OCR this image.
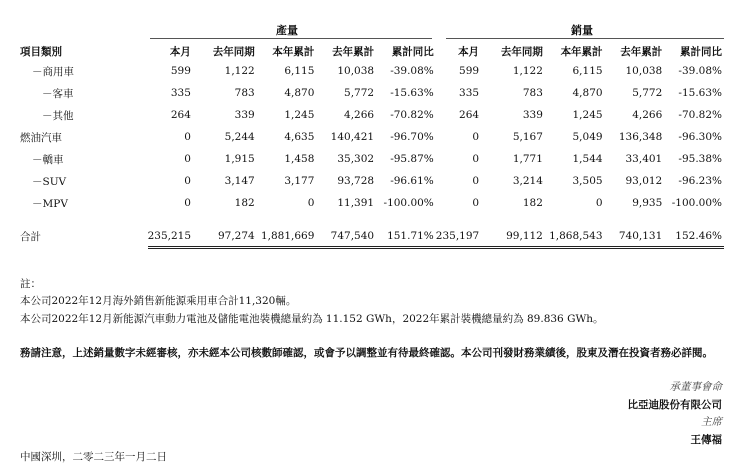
產量	銷量
項目類別	本月	去年同期	本年累計	去年累計	累計同比	本月	去年同期	本年累計	去年累計	累計同比
－商用車	599	1,122	6,115	10,038	-39.08%	599	1,122	6,115	10,038	-39.08%
－客車	335	783	4,870	5,772	-15.63%	335	783	4,870	5,772	-15.63%
－其他	264	339	1,245	4,266	-70.82%	264	339	1,245	4,266	-70.82%
燃油汽車	0	5,244	4,635	140,421	-96.70%	0	5,167	5,049	136,348	-96.30%
－轎車	0	1,915	1,458	35,302	-95.87%	0	1,771	1,544	33,401	-95.38%
－SUV	0	3,147	3,177	93,728	-96.61%	0	3,214	3,505	93,012	-96.23%
－MPV	0	182	0	11,391	-100.00%	0	182	0	9,935	-100.00%

合計	235,215	97,274	1,881,669	747,540	151.71%	235,197	99,112	1,868,543	740,131	152.46%
註：
本公司2022年12月海外銷售新能源乘用車合計11,320輛。
本公司2022年12月新能源汽車動力電池及儲能電池裝機總量約為 11.152 GWh，2022年累計裝機總量約為 89.836 GWh。
務請注意，上述銷量數字未經審核，亦未經本公司核數師確認，或會予以調整並有待最終確認。本公司刊發財務業績後，股東及潛在投資者務必詳閱。
承董事會命
比亞迪股份有限公司
主席
王傳福
中國深圳，二零二三年一月二日
